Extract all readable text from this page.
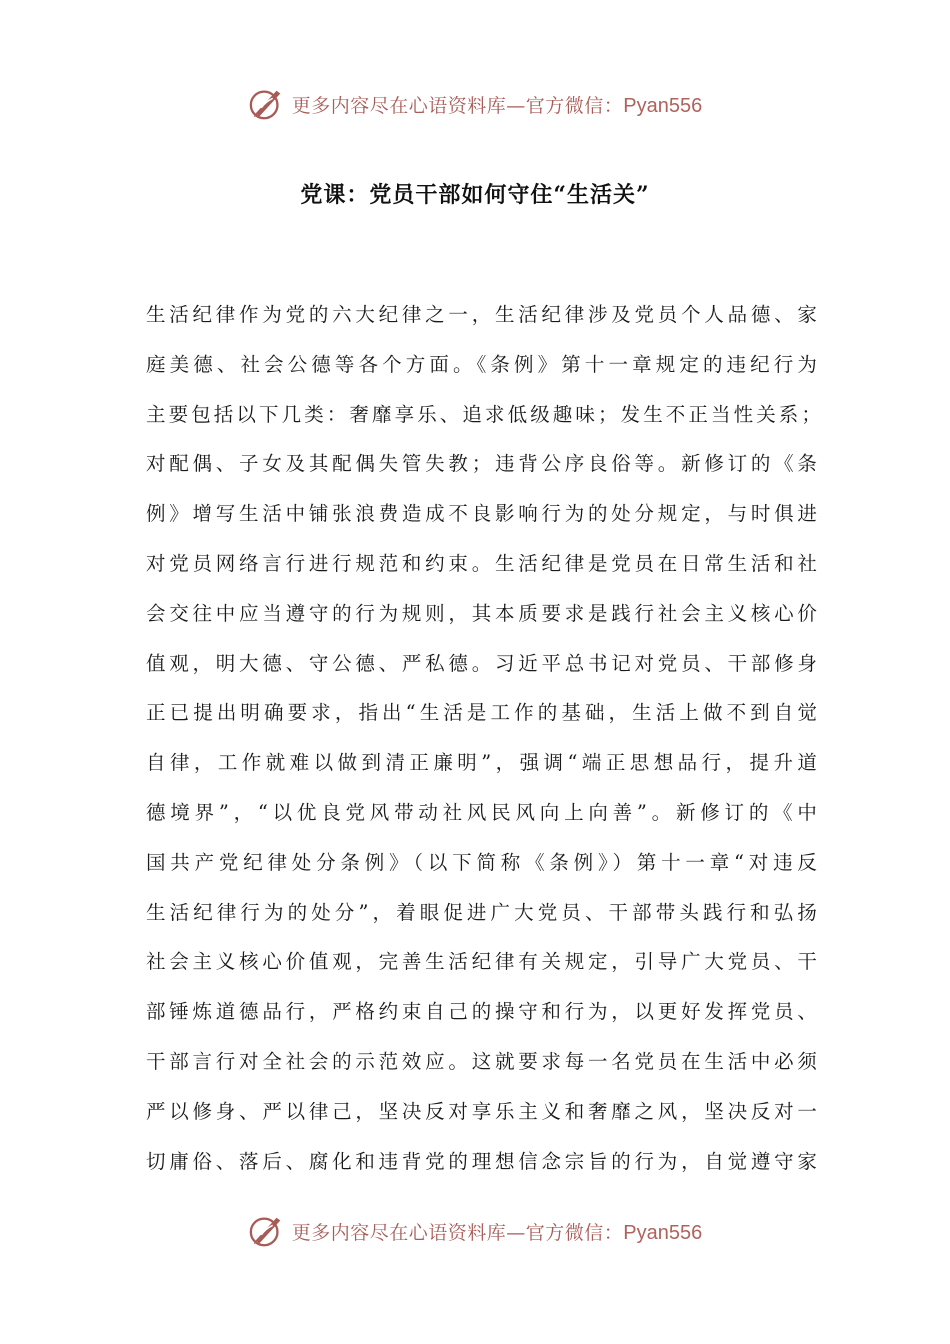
更多内容尽在心语资料库—官方微信：Pyan556
党课：党员干部如何守住“生活关”
生活纪律作为党的六大纪律之一，生活纪律涉及党员个人品德、家
庭美德、社会公德等各个方面。《条例》第十一章规定的违纪行为
主要包括以下几类：奢靡享乐、追求低级趣味；发生不正当性关系；
对配偶、子女及其配偶失管失教；违背公序良俗等。新修订的《条
例》增写生活中铺张浪费造成不良影响行为的处分规定，与时俱进
对党员网络言行进行规范和约束。生活纪律是党员在日常生活和社
会交往中应当遵守的行为规则，其本质要求是践行社会主义核心价
值观，明大德、守公德、严私德。习近平总书记对党员、干部修身
正已提出明确要求，指出“生活是工作的基础，生活上做不到自觉
自律，工作就难以做到清正廉明”，强调“端正思想品行，提升道
德境界”，“以优良党风带动社风民风向上向善”。新修订的《中
国共产党纪律处分条例》（以下简称《条例》）第十一章“对违反
生活纪律行为的处分”，着眼促进广大党员、干部带头践行和弘扬
社会主义核心价值观，完善生活纪律有关规定，引导广大党员、干
部锤炼道德品行，严格约束自己的操守和行为，以更好发挥党员、
干部言行对全社会的示范效应。这就要求每一名党员在生活中必须
严以修身、严以律己，坚决反对享乐主义和奢靡之风，坚决反对一
切庸俗、落后、腐化和违背党的理想信念宗旨的行为，自觉遵守家
更多内容尽在心语资料库—官方微信：Pyan556
